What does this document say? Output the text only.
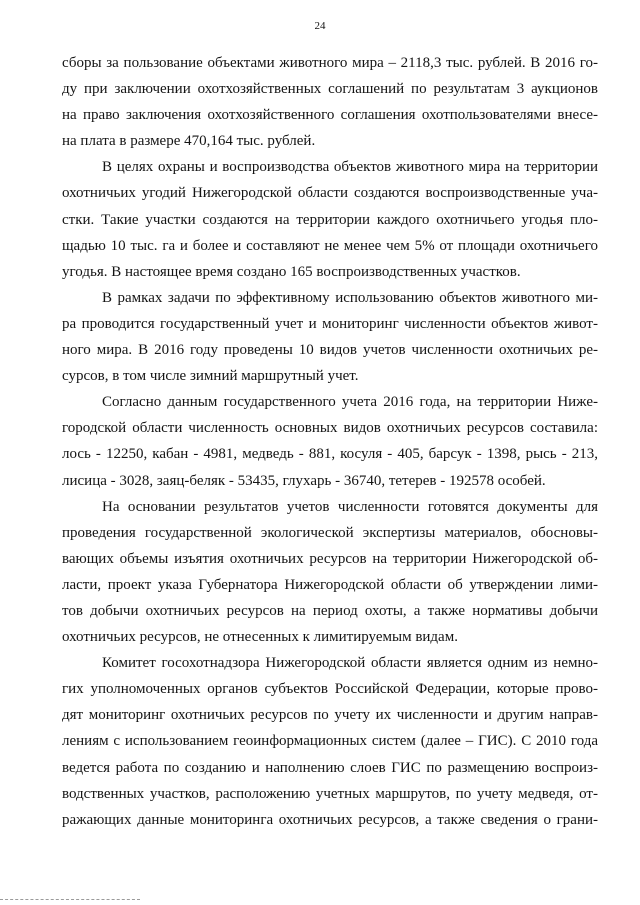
24
сборы за пользование объектами животного мира – 2118,3 тыс. рублей. В 2016 го-
ду при заключении охотхозяйственных соглашений по результатам 3 аукционов
на право заключения охотхозяйственного соглашения охотпользователями внесе-
на плата в размере 470,164 тыс. рублей.
В целях охраны и воспроизводства объектов животного мира на территории
охотничьих угодий Нижегородской области создаются воспроизводственные уча-
стки. Такие участки создаются на территории каждого охотничьего угодья пло-
щадью 10 тыс. га и более и составляют не менее чем 5% от площади охотничьего
угодья. В настоящее время создано 165 воспроизводственных участков.
В рамках задачи по эффективному использованию объектов животного ми-
ра проводится государственный учет и мониторинг численности объектов живот-
ного мира. В 2016 году проведены 10 видов учетов численности охотничьих ре-
сурсов, в том числе зимний маршрутный учет.
Согласно данным государственного учета 2016 года, на территории Ниже-
городской области численность основных видов охотничьих ресурсов составила:
лось - 12250, кабан - 4981, медведь - 881, косуля - 405, барсук - 1398, рысь - 213,
лисица - 3028, заяц-беляк - 53435, глухарь - 36740, тетерев - 192578 особей.
На основании результатов учетов численности готовятся документы для
проведения государственной экологической экспертизы материалов, обосновы-
вающих объемы изъятия охотничьих ресурсов на территории Нижегородской об-
ласти, проект указа Губернатора Нижегородской области об утверждении лими-
тов добычи охотничьих ресурсов на период охоты, а также нормативы добычи
охотничьих ресурсов, не отнесенных к лимитируемым видам.
Комитет госохотнадзора Нижегородской области является одним из немно-
гих уполномоченных органов субъектов Российской Федерации, которые прово-
дят мониторинг охотничьих ресурсов по учету их численности и другим направ-
лениям с использованием геоинформационных систем (далее – ГИС). С 2010 года
ведется работа по созданию и наполнению слоев ГИС по размещению воспроиз-
водственных участков, расположению учетных маршрутов, по учету медведя, от-
ражающих данные мониторинга охотничьих ресурсов, а также сведения о грани-
